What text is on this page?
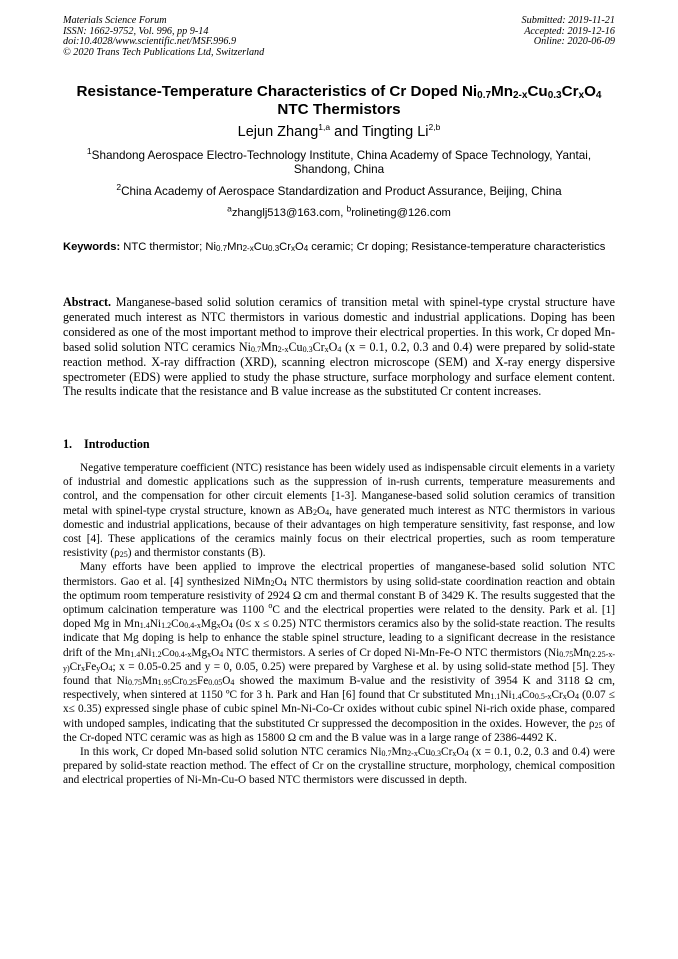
Materials Science Forum
ISSN: 1662-9752, Vol. 996, pp 9-14
doi:10.4028/www.scientific.net/MSF.996.9
© 2020 Trans Tech Publications Ltd, Switzerland
Submitted: 2019-11-21
Accepted: 2019-12-16
Online: 2020-06-09
Resistance-Temperature Characteristics of Cr Doped $Ni_{0.7}Mn_{2-x}Cu_{0.3}Cr_xO_4$
NTC Thermistors
Lejun Zhang$^{1,a}$ and Tingting Li$^{2,b}$
$^1$Shandong Aerospace Electro-Technology Institute, China Academy of Space Technology, Yantai, Shandong, China
$^2$China Academy of Aerospace Standardization and Product Assurance, Beijing, China
$^a$zhanglj513@163.com, $^b$rolineting@126.com
Keywords: NTC thermistor; $Ni_{0.7}Mn_{2-x}Cu_{0.3}Cr_xO_4$ ceramic; Cr doping; Resistance-temperature characteristics
Abstract. Manganese-based solid solution ceramics of transition metal with spinel-type crystal structure have generated much interest as NTC thermistors in various domestic and industrial applications. Doping has been considered as one of the most important method to improve their electrical properties. In this work, Cr doped Mn-based solid solution NTC ceramics $Ni_{0.7}Mn_{2-x}Cu_{0.3}Cr_xO_4$ (x = 0.1, 0.2, 0.3 and 0.4) were prepared by solid-state reaction method. X-ray diffraction (XRD), scanning electron microscope (SEM) and X-ray energy dispersive spectrometer (EDS) were applied to study the phase structure, surface morphology and surface element content. The results indicate that the resistance and B value increase as the substituted Cr content increases.
1. Introduction

Negative temperature coefficient (NTC) resistance has been widely used as indispensable circuit elements in a variety of industrial and domestic applications such as the suppression of in-rush currents, temperature measurements and control, and the compensation for other circuit elements [1-3]. Manganese-based solid solution ceramics of transition metal with spinel-type crystal structure, known as $AB_2O_4$, have generated much interest as NTC thermistors in various domestic and industrial applications, because of their advantages on high temperature sensitivity, fast response, and low cost [4]. These applications of the ceramics mainly focus on their electrical properties, such as room temperature resistivity $(\rho_{25})$ and thermistor constants (B).

Many efforts have been applied to improve the electrical properties of manganese-based solid solution NTC thermistors. Gao et al. [4] synthesized $NiMn_2O_4$ NTC thermistors by using solid-state coordination reaction and obtain the optimum room temperature resistivity of 2924 Ω cm and thermal constant B of 3429 K. The results suggested that the optimum calcination temperature was 1100 $^o$C and the electrical properties were related to the density. Park et al. [1] doped Mg in $Mn_{1.4}Ni_{1.2}Co_{0.4-x}Mg_xO_4$ (0≤ x ≤ 0.25) NTC thermistors ceramics also by the solid-state reaction. The results indicate that Mg doping is help to enhance the stable spinel structure, leading to a significant decrease in the resistance drift of the $Mn_{1.4}Ni_{1.2}Co_{0.4-x}Mg_xO_4$ NTC thermistors. A series of Cr doped Ni-Mn-Fe-O NTC thermistors ($Ni_{0.75}Mn_{(2.25-x-y)}Cr_xFe_yO_4$; x = 0.05-0.25 and y = 0, 0.05, 0.25) were prepared by Varghese et al. by using solid-state method [5]. They found that $Ni_{0.75}Mn_{1.95}Cr_{0.25}Fe_{0.05}O_4$ showed the maximum B-value and the resistivity of 3954 K and 3118 Ω cm, respectively, when sintered at 1150 ºC for 3 h. Park and Han [6] found that Cr substituted $Mn_{1.1}Ni_{1.4}Co_{0.5-x}Cr_xO_4$ (0.07 ≤ x≤ 0.35) expressed single phase of cubic spinel Mn-Ni-Co-Cr oxides without cubic spinel Ni-rich oxide phase, compared with undoped samples, indicating that the substituted Cr suppressed the decomposition in the oxides. However, the $\rho_{25}$ of the Cr-doped NTC ceramic was as high as 15800 Ω cm and the B value was in a large range of 2386-4492 K.

In this work, Cr doped Mn-based solid solution NTC ceramics $Ni_{0.7}Mn_{2-x}Cu_{0.3}Cr_xO_4$ (x = 0.1, 0.2, 0.3 and 0.4) were prepared by solid-state reaction method. The effect of Cr on the crystalline structure, morphology, chemical composition and electrical properties of Ni-Mn-Cu-O based NTC thermistors were discussed in depth.
